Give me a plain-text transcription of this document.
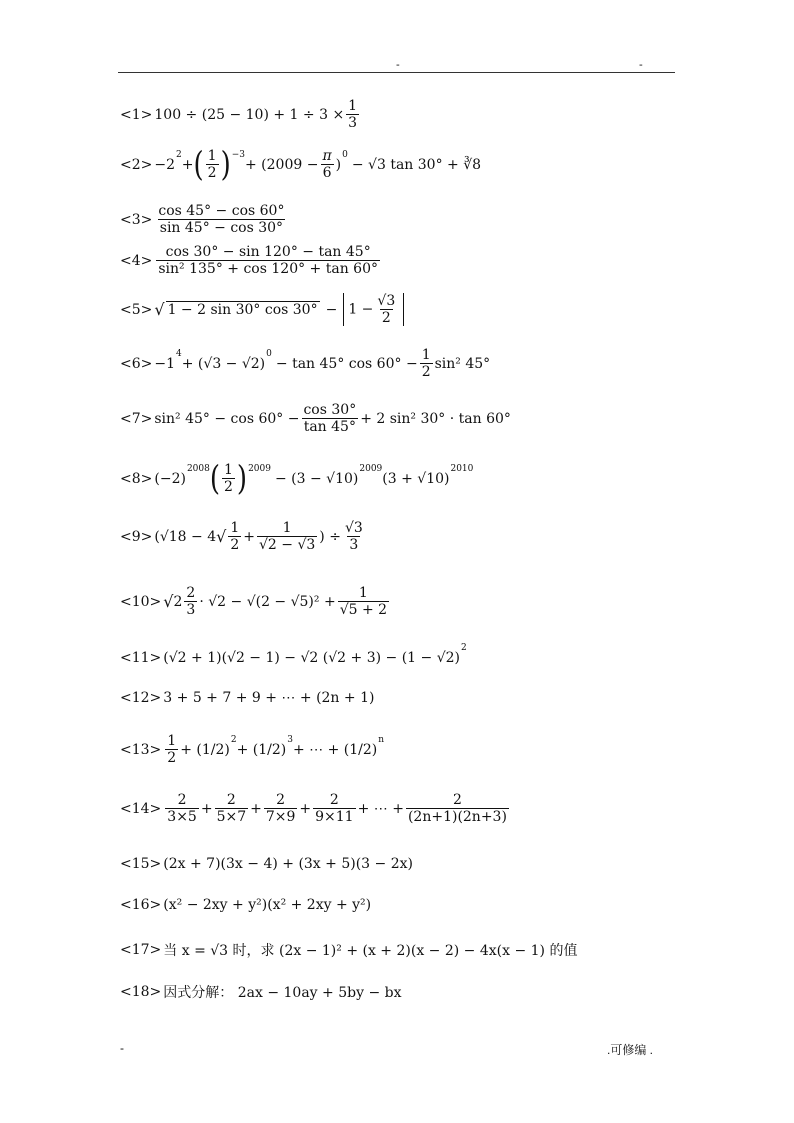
-	-
$<1> 100 \div (25 - 10) + 1 \div 3 \times \frac{1}{3}$
<2> −2
2
+ ( 1
2 ) −3
+ ($2009 - \frac{\pi}{6}$ )
0
− √3 tan 30° + ∛8
<3>
cos 45° − cos 60°
sin 45° − cos 30°
<4>
cos 30° − sin 120° − tan 45°
sin² 135° + cos 120° + tan 60°
<5> √ 1 − 2 sin 30° $\cos 30^\circ - 1 - \frac{√3}{2}$
<6> −1
4
+ (√3 − √2)
0
− tan 45° $\cos 60^\circ - \frac{1}{2} \sin^2$ 45°
<7> sin² $45^\circ - \cos 60^\circ - \frac{\cos 30^\circ}{\tan 45^\circ} + 2$ sin² 30° · tan 60°
<8> (−2)
2008 ( 1
2 ) 2009
− (3 − √10)
2009
(3 + √10)
2010
<9> (√18 − 4 √ 1
2
+ $\frac{1}{√2 - √3}$ ) ÷ $\frac{√3}{3}$
<10> √ 2
2
3
· $√2 - √(2 - √5)^2 + \frac{1}{√5 + 2}$
<11> (√2 + 1)(√2 − 1) − √2 (√2 + 3) − (1 − √2)
2
<12> 3 + 5 + 7 + 9 + ⋯ + (2n + 1)
<13>
1
2
+ (1/2)
2
+ (1/2)
3
+ ⋯ + (1/2)
n
<14>
2
3×5
+
2
5×7
+
2
7×9
+
2
9×11
+ ⋯ + $\frac{2}{(2n+1)(2n+3)}$
<15> (2x + 7)(3x − 4) + (3x + 5)(3 − 2x)
<16> (x² − 2xy + y²)(x² + 2xy + y²)
<17> 当 x = √3 时，求 (2x − 1)² + (x + 2)(x − 2) − 4x(x − 1) 的值
<18> 因式分解： 2ax − 10ay + 5by − bx
-	.可修编 .
